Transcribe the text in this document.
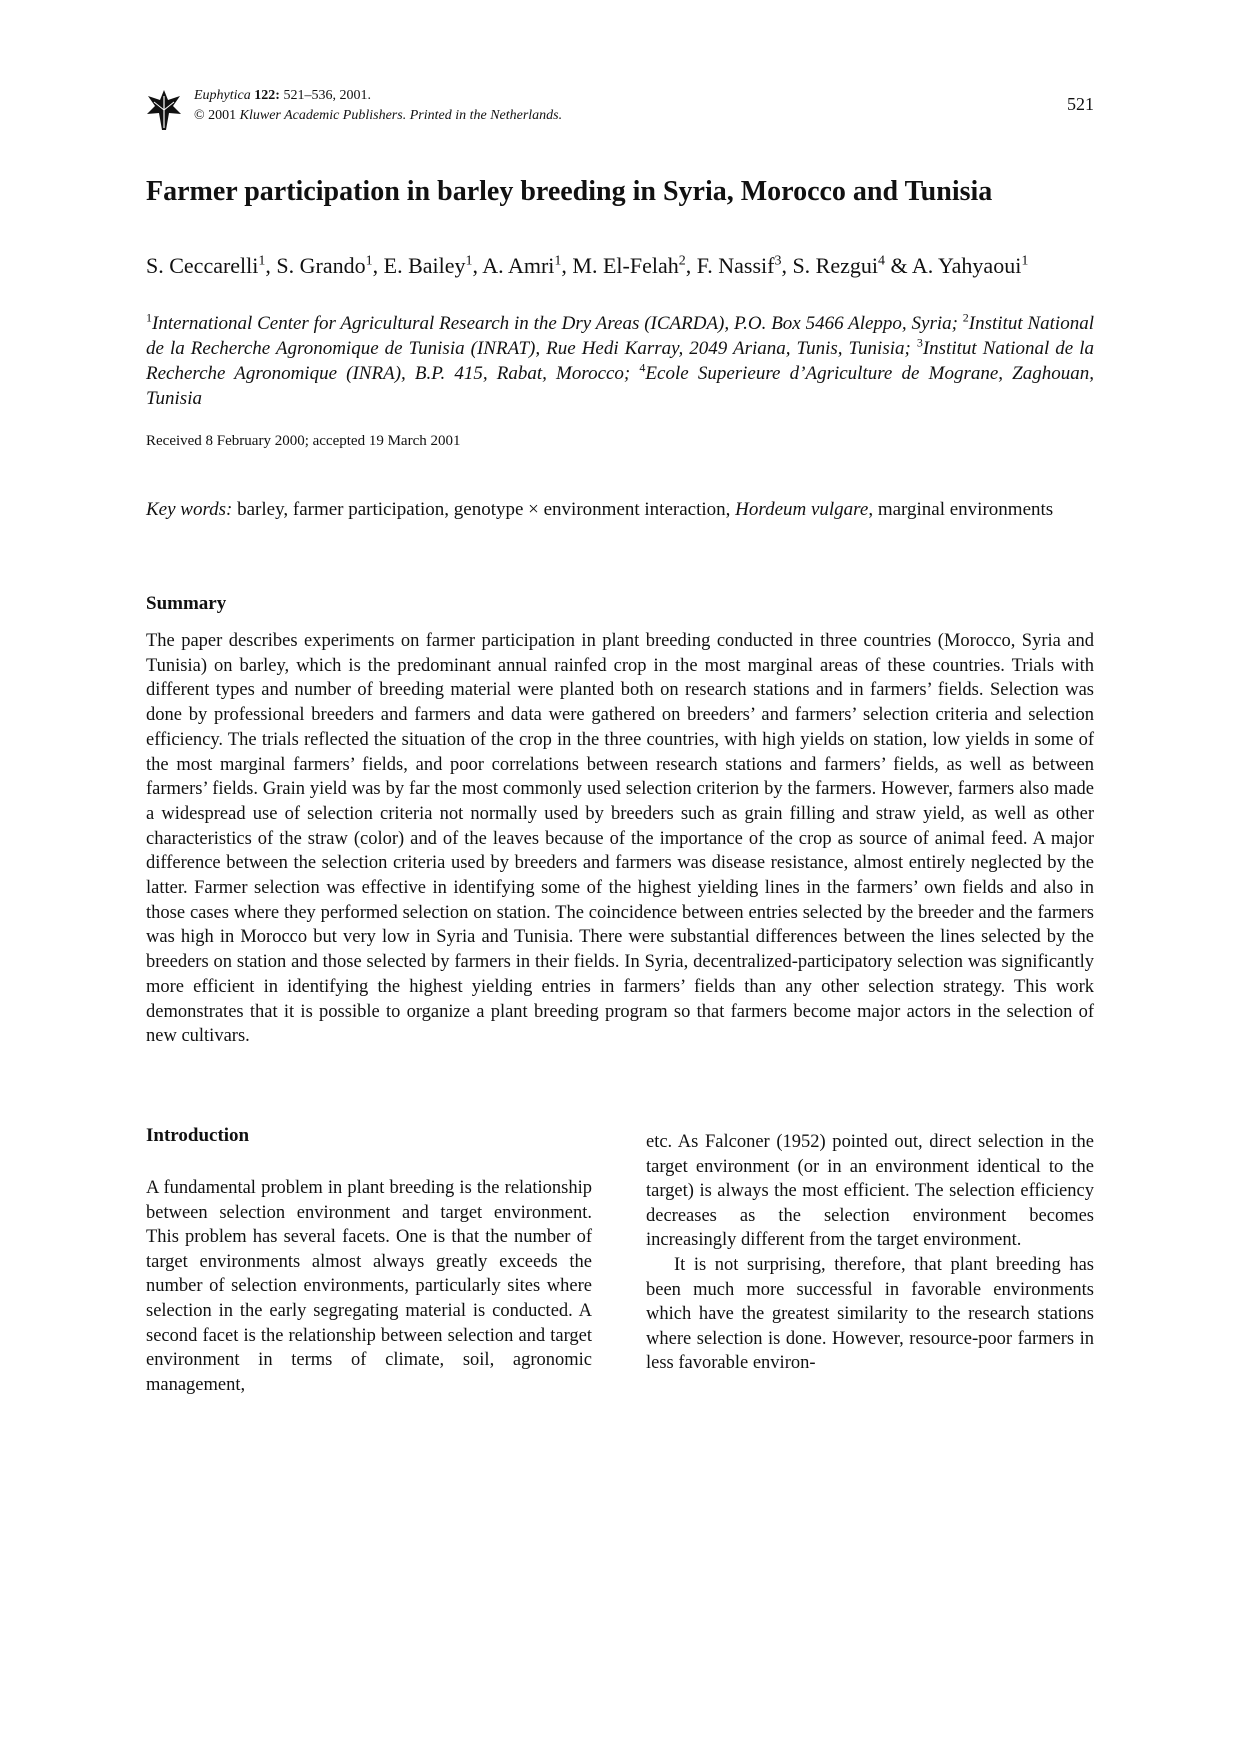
Euphytica 122: 521–536, 2001.
© 2001 Kluwer Academic Publishers. Printed in the Netherlands.
521
Farmer participation in barley breeding in Syria, Morocco and Tunisia
S. Ceccarelli$^1$, S. Grando$^1$, E. Bailey$^1$, A. Amri$^1$, M. El-Felah$^2$, F. Nassif$^3$, S. Rezgui$^4$ & A. Yahyaoui$^1$
$^1$International Center for Agricultural Research in the Dry Areas (ICARDA), P.O. Box 5466 Aleppo, Syria; $^2$Institut National de la Recherche Agronomique de Tunisia (INRAT), Rue Hedi Karray, 2049 Ariana, Tunis, Tunisia; $^3$Institut National de la Recherche Agronomique (INRA), B.P. 415, Rabat, Morocco; $^4$Ecole Superieure d’Agriculture de Mograne, Zaghouan, Tunisia
Received 8 February 2000; accepted 19 March 2001
Key words: barley, farmer participation, genotype × environment interaction, Hordeum vulgare, marginal environments
Summary

The paper describes experiments on farmer participation in plant breeding conducted in three countries (Morocco, Syria and Tunisia) on barley, which is the predominant annual rainfed crop in the most marginal areas of these countries. Trials with different types and number of breeding material were planted both on research stations and in farmers’ fields. Selection was done by professional breeders and farmers and data were gathered on breeders’ and farmers’ selection criteria and selection efficiency. The trials reflected the situation of the crop in the three countries, with high yields on station, low yields in some of the most marginal farmers’ fields, and poor correlations between research stations and farmers’ fields, as well as between farmers’ fields. Grain yield was by far the most commonly used selection criterion by the farmers. However, farmers also made a widespread use of selection criteria not normally used by breeders such as grain filling and straw yield, as well as other characteristics of the straw (color) and of the leaves because of the importance of the crop as source of animal feed. A major difference between the selection criteria used by breeders and farmers was disease resistance, almost entirely neglected by the latter. Farmer selection was effective in identifying some of the highest yielding lines in the farmers’ own fields and also in those cases where they performed selection on station. The coincidence between entries selected by the breeder and the farmers was high in Morocco but very low in Syria and Tunisia. There were substantial differences between the lines selected by the breeders on station and those selected by farmers in their fields. In Syria, decentralized-participatory selection was significantly more efficient in identifying the highest yielding entries in farmers’ fields than any other selection strategy. This work demonstrates that it is possible to organize a plant breeding program so that farmers become major actors in the selection of new cultivars.

Introduction

A fundamental problem in plant breeding is the relationship between selection environment and target environment. This problem has several facets. One is that the number of target environments almost always greatly exceeds the number of selection environments, particularly sites where selection in the early segregating material is conducted. A second facet is the relationship between selection and target environment in terms of climate, soil, agronomic management,

etc. As Falconer (1952) pointed out, direct selection in the target environment (or in an environment identical to the target) is always the most efficient. The selection efficiency decreases as the selection environment becomes increasingly different from the target environment.

It is not surprising, therefore, that plant breeding has been much more successful in favorable environments which have the greatest similarity to the research stations where selection is done. However, resource-poor farmers in less favorable environ-
